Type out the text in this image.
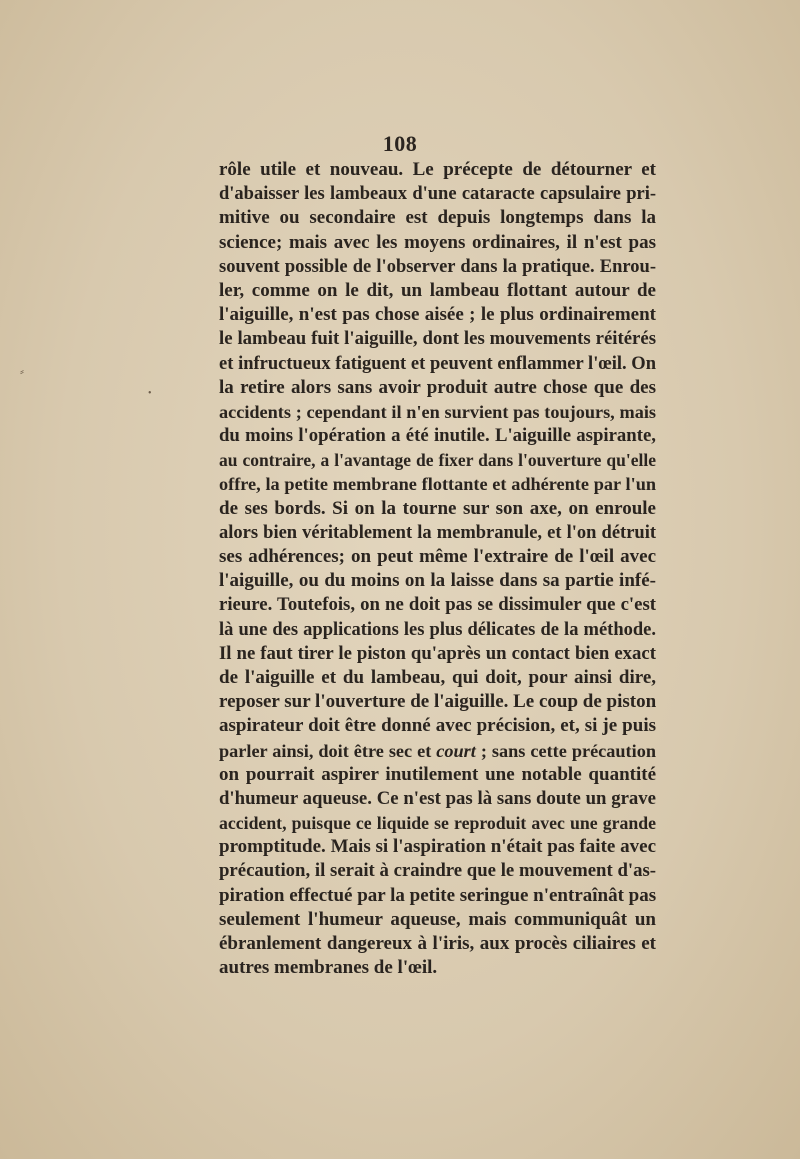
108
⸗
•
rôle utile et nouveau. Le précepte de détourner et
d'abaisser les lambeaux d'une cataracte capsulaire pri-
mitive ou secondaire est depuis longtemps dans la
science; mais avec les moyens ordinaires, il n'est pas
souvent possible de l'observer dans la pratique. Enrou-
ler, comme on le dit, un lambeau flottant autour de
l'aiguille, n'est pas chose aisée ; le plus ordinairement
le lambeau fuit l'aiguille, dont les mouvements réitérés
et infructueux fatiguent et peuvent enflammer l'œil. On
la retire alors sans avoir produit autre chose que des
accidents ; cependant il n'en survient pas toujours, mais
du moins l'opération a été inutile. L'aiguille aspirante,
au contraire, a l'avantage de fixer dans l'ouverture qu'elle
offre, la petite membrane flottante et adhérente par l'un
de ses bords. Si on la tourne sur son axe, on enroule
alors bien véritablement la membranule, et l'on détruit
ses adhérences; on peut même l'extraire de l'œil avec
l'aiguille, ou du moins on la laisse dans sa partie infé-
rieure. Toutefois, on ne doit pas se dissimuler que c'est
là une des applications les plus délicates de la méthode.
Il ne faut tirer le piston qu'après un contact bien exact
de l'aiguille et du lambeau, qui doit, pour ainsi dire,
reposer sur l'ouverture de l'aiguille. Le coup de piston
aspirateur doit être donné avec précision, et, si je puis
parler ainsi, doit être sec et court ; sans cette précaution
on pourrait aspirer inutilement une notable quantité
d'humeur aqueuse. Ce n'est pas là sans doute un grave
accident, puisque ce liquide se reproduit avec une grande
promptitude. Mais si l'aspiration n'était pas faite avec
précaution, il serait à craindre que le mouvement d'as-
piration effectué par la petite seringue n'entraînât pas
seulement l'humeur aqueuse, mais communiquât un
ébranlement dangereux à l'iris, aux procès ciliaires et
autres membranes de l'œil.
